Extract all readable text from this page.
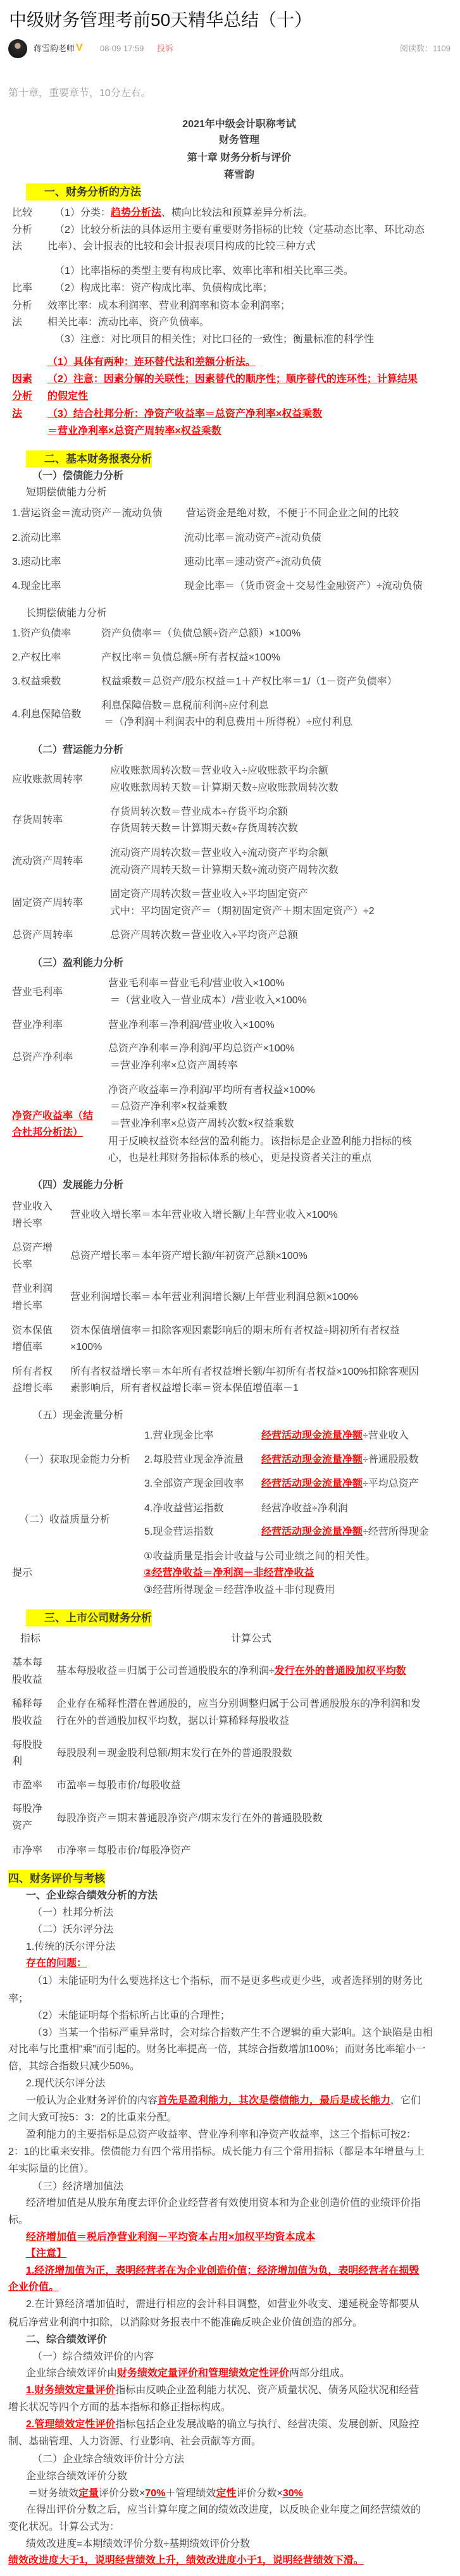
中级财务管理考前50天精华总结（十）
蒋雪韵老师 V 08-09 17:59 投诉	阅读数：1109
第十章，重要章节，10分左右。
2021年中级会计职称考试
财务管理
第十章 财务分析与评价
蒋雪韵
一、财务分析的方法
比较
分析
法
（1）分类：趋势分析法、横向比较法和预算差异分析法。
（2）比较分析法的具体运用主要有重要财务指标的比较（定基动态比率、环比动态
比率）、会计报表的比较和会计报表项目构成的比较三种方式
比率
分析
法
（1）比率指标的类型主要有构成比率、效率比率和相关比率三类。
（2）构成比率：资产构成比率、负债构成比率；
效率比率：成本利润率、营业利润率和资本金利润率；
相关比率：流动比率、资产负债率。
（3）注意：对比项目的相关性；对比口径的一致性；衡量标准的科学性
因素
分析
法
（1）具体有两种：连环替代法和差额分析法。
（2）注意：因素分解的关联性；因素替代的顺序性；顺序替代的连环性；计算结果
的假定性
（3）结合杜邦分析：净资产收益率＝总资产净利率×权益乘数
＝营业净利率×总资产周转率×权益乘数
二、基本财务报表分析
（一）偿债能力分析
短期偿债能力分析
1.营运资金＝流动资产－流动负债 营运资金是绝对数，不便于不同企业之间的比较
2.流动比率	流动比率＝流动资产÷流动负债
3.速动比率	速动比率＝速动资产÷流动负债
4.现金比率	现金比率＝（货币资金＋交易性金融资产）÷流动负债
长期偿债能力分析
1.资产负债率	资产负债率＝（负债总额÷资产总额）×100%
2.产权比率	产权比率＝负债总额÷所有者权益×100%
3.权益乘数	权益乘数＝总资产/股东权益＝1＋产权比率＝1/（1－资产负债率）
4.利息保障倍数
利息保障倍数＝息税前利润÷应付利息
＝（净利润＋利润表中的利息费用＋所得税）÷应付利息
（二）营运能力分析
应收账款周转率
应收账款周转次数＝营业收入÷应收账款平均余额
应收账款周转天数＝计算期天数÷应收账款周转次数
存货周转率
存货周转次数＝营业成本÷存货平均余额
存货周转天数＝计算期天数÷存货周转次数
流动资产周转率
流动资产周转次数＝营业收入÷流动资产平均余额
流动资产周转天数＝计算期天数÷流动资产周转次数
固定资产周转率
固定资产周转次数＝营业收入÷平均固定资产
式中：平均固定资产＝（期初固定资产＋期末固定资产）÷2
总资产周转率	总资产周转次数＝营业收入÷平均资产总额
（三）盈利能力分析
营业毛利率
营业毛利率＝营业毛利/营业收入×100%
＝（营业收入－营业成本）/营业收入×100%
营业净利率	营业净利率＝净利润/营业收入×100%
总资产净利率
总资产净利率＝净利润/平均总资产×100%
＝营业净利率×总资产周转率
净资产收益率（结
合杜邦分析法）
净资产收益率＝净利润/平均所有者权益×100%
＝总资产净利率×权益乘数
＝营业净利率×总资产周转次数×权益乘数
用于反映权益资本经营的盈利能力。该指标是企业盈利能力指标的核
心，也是杜邦财务指标体系的核心，更是投资者关注的重点
（四）发展能力分析
营业收入
增长率
营业收入增长率＝本年营业收入增长额/上年营业收入×100%
总资产增
长率
总资产增长率＝本年资产增长额/年初资产总额×100%
营业利润
增长率
营业利润增长率＝本年营业利润增长额/上年营业利润总额×100%
资本保值
增值率
资本保值增值率＝扣除客观因素影响后的期末所有者权益÷期初所有者权益
×100%
所有者权
益增长率
所有者权益增长率＝本年所有者权益增长额/年初所有者权益×100%扣除客观因
素影响后，所有者权益增长率＝资本保值增值率－1
（五）现金流量分析
（一）获取现金能力分析
（二）收益质量分析
1.营业现金比率	经营活动现金流量净额÷营业收入
2.每股营业现金净流量 经营活动现金流量净额÷普通股股数
3.全部资产现金回收率 经营活动现金流量净额÷平均总资产
4.净收益营运指数	经营净收益÷净利润
5.现金营运指数	经营活动现金流量净额÷经营所得现金
提示
①收益质量是指会计收益与公司业绩之间的相关性。
②经营净收益＝净利润－非经营净收益
③经营所得现金＝经营净收益＋非付现费用
三、上市公司财务分析
指标	计算公式
基本每
股收益
基本每股收益＝归属于公司普通股股东的净利润÷发行在外的普通股加权平均数
稀释每
股收益
企业存在稀释性潜在普通股的，应当分别调整归属于公司普通股股东的净利润和发
行在外的普通股加权平均数，据以计算稀释每股收益
每股股
利
每股股利＝现金股利总额/期末发行在外的普通股股数
市盈率 市盈率＝每股市价/每股收益
每股净
资产
每股净资产＝期末普通股净资产/期末发行在外的普通股股数
市净率 市净率＝每股市价/每股净资产
四、财务评价与考核
一、企业综合绩效分析的方法
（一）杜邦分析法
（二）沃尔评分法
1.传统的沃尔评分法
存在的问题：
（1）未能证明为什么要选择这七个指标，而不是更多些或更少些，或者选择别的财务比
率；
（2）未能证明每个指标所占比重的合理性；
（3）当某一个指标严重异常时，会对综合指数产生不合逻辑的重大影响。这个缺陷是由相
对比率与比重相“乘”而引起的。财务比率提高一倍，其综合指数增加100%；而财务比率缩小一
倍，其综合指数只减少50%。
2.现代沃尔评分法
一般认为企业财务评价的内容首先是盈利能力，其次是偿债能力，最后是成长能力，它们
之间大致可按5：3：2的比重来分配。
盈利能力的主要指标是总资产收益率、营业净利率和净资产收益率，这三个指标可按2：
2：1的比重来安排。偿债能力有四个常用指标。成长能力有三个常用指标（都是本年增量与上
年实际量的比值）。
（三）经济增加值法
经济增加值是从股东角度去评价企业经营者有效使用资本和为企业创造价值的业绩评价指
标。
经济增加值＝税后净营业利润－平均资本占用×加权平均资本成本
【注意】
1.经济增加值为正，表明经营者在为企业创造价值；经济增加值为负，表明经营者在损毁
企业价值。
2.在计算经济增加值时，需进行相应的会计科目调整，如营业外收支、递延税金等都要从
税后净营业利润中扣除，以消除财务报表中不能准确反映企业价值创造的部分。
二、综合绩效评价
（一）综合绩效评价的内容
企业综合绩效评价由财务绩效定量评价和管理绩效定性评价两部分组成。
1.财务绩效定量评价指标由反映企业盈利能力状况、资产质量状况、债务风险状况和经营
增长状况等四个方面的基本指标和修正指标构成。
2.管理绩效定性评价指标包括企业发展战略的确立与执行、经营决策、发展创新、风险控
制、基础管理、人力资源、行业影响、社会贡献等方面。
（二）企业综合绩效评价计分方法
企业综合绩效评价分数
＝财务绩效定量评价分数×70%＋管理绩效定性评价分数×30%
在得出评价分数之后，应当计算年度之间的绩效改进度，以反映企业年度之间经营绩效的
变化状况。计算公式为：
绩效改进度=本期绩效评价分数÷基期绩效评价分数
绩效改进度大于1，说明经营绩效上升，绩效改进度小于1，说明经营绩效下滑。
